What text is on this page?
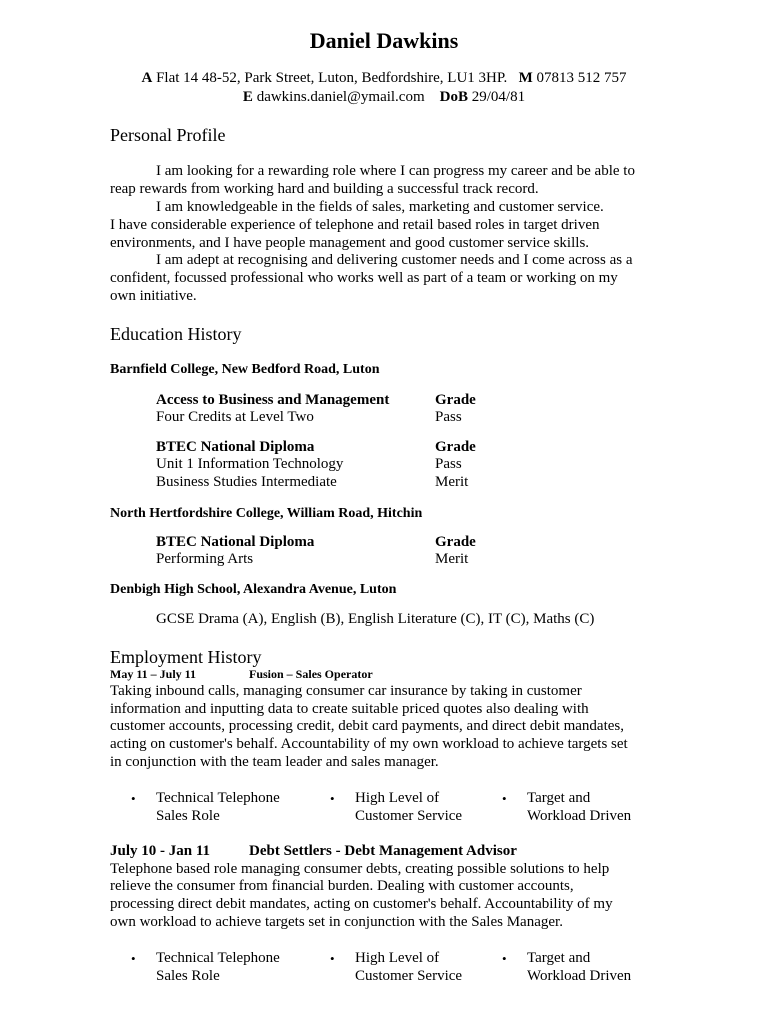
Daniel Dawkins
A Flat 14 48-52, Park Street, Luton, Bedfordshire, LU1 3HP. M 07813 512 757
E dawkins.daniel@ymail.com DoB 29/04/81
Personal Profile
I am looking for a rewarding role where I can progress my career and be able to
reap rewards from working hard and building a successful track record.
I am knowledgeable in the fields of sales, marketing and customer service.
I have considerable experience of telephone and retail based roles in target driven
environments, and I have people management and good customer service skills.
I am adept at recognising and delivering customer needs and I come across as a
confident, focussed professional who works well as part of a team or working on my
own initiative.
Education History
Barnfield College, New Bedford Road, Luton
Access to Business and Management	Grade
Four Credits at Level Two	Pass
BTEC National Diploma	Grade
Unit 1 Information Technology	Pass
Business Studies Intermediate	Merit
North Hertfordshire College, William Road, Hitchin
BTEC National Diploma	Grade
Performing Arts	Merit
Denbigh High School, Alexandra Avenue, Luton
GCSE Drama (A), English (B), English Literature (C), IT (C), Maths (C)
Employment History
May 11 – July 11	Fusion – Sales Operator
Taking inbound calls, managing consumer car insurance by taking in customer
information and inputting data to create suitable priced quotes also dealing with
customer accounts, processing credit, debit card payments, and direct debit mandates,
acting on customer's behalf. Accountability of my own workload to achieve targets set
in conjunction with the team leader and sales manager.
• Technical Telephone
Sales Role
• High Level of
Customer Service
• Target and
Workload Driven
July 10 - Jan 11	Debt Settlers - Debt Management Advisor
Telephone based role managing consumer debts, creating possible solutions to help
relieve the consumer from financial burden. Dealing with customer accounts,
processing direct debit mandates, acting on customer's behalf. Accountability of my
own workload to achieve targets set in conjunction with the Sales Manager.
• Technical Telephone
Sales Role
• High Level of
Customer Service
• Target and
Workload Driven
